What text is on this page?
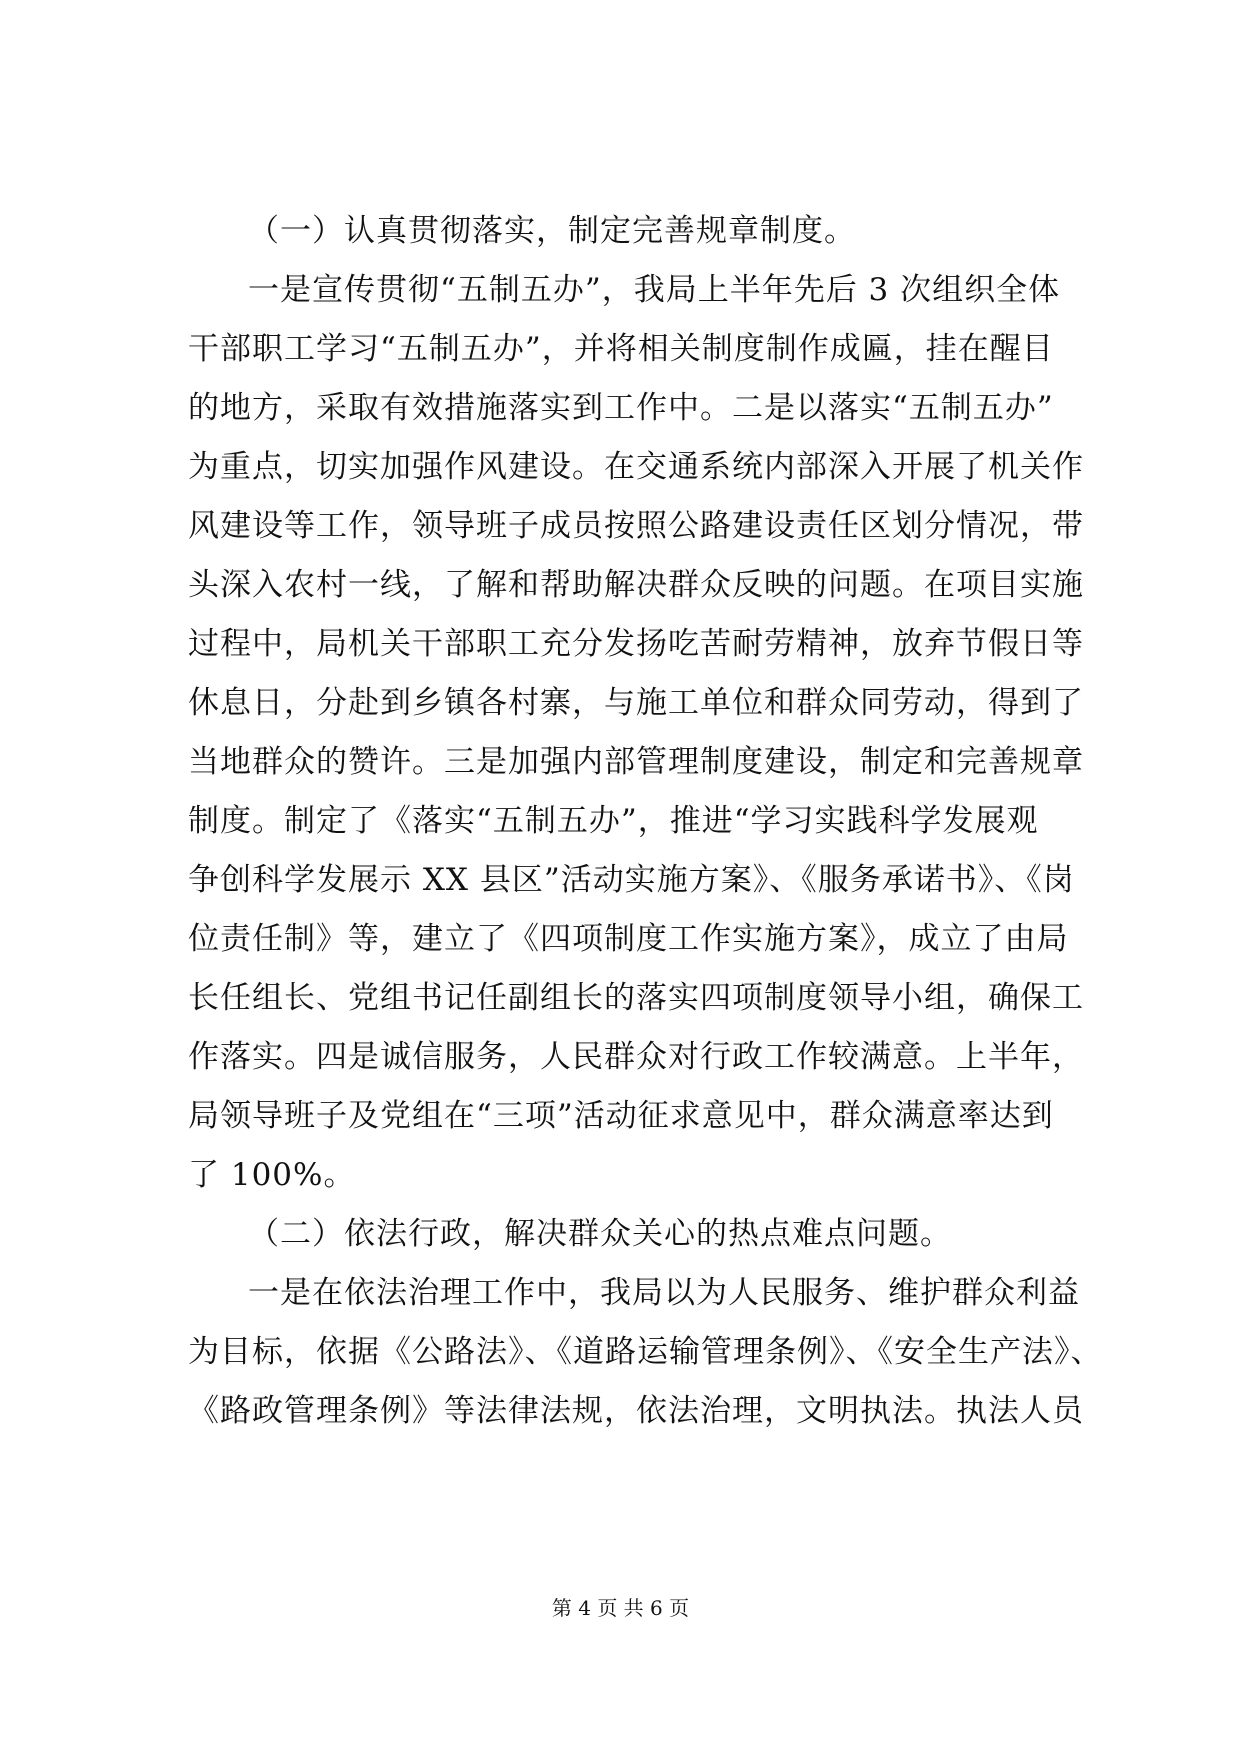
（一）认真贯彻落实，制定完善规章制度。
一是宣传贯彻“五制五办”，我局上半年先后 3 次组织全体
干部职工学习“五制五办”，并将相关制度制作成匾，挂在醒目
的地方，采取有效措施落实到工作中。二是以落实“五制五办”
为重点，切实加强作风建设。在交通系统内部深入开展了机关作
风建设等工作，领导班子成员按照公路建设责任区划分情况，带
头深入农村一线，了解和帮助解决群众反映的问题。在项目实施
过程中，局机关干部职工充分发扬吃苦耐劳精神，放弃节假日等
休息日，分赴到乡镇各村寨，与施工单位和群众同劳动，得到了
当地群众的赞许。三是加强内部管理制度建设，制定和完善规章
制度。制定了《落实“五制五办”，推进“学习实践科学发展观
争创科学发展示 XX 县区”活动实施方案》、《服务承诺书》、《岗
位责任制》等，建立了《四项制度工作实施方案》，成立了由局
长任组长、党组书记任副组长的落实四项制度领导小组，确保工
作落实。四是诚信服务，人民群众对行政工作较满意。上半年，
局领导班子及党组在“三项”活动征求意见中，群众满意率达到
了 100%。
（二）依法行政，解决群众关心的热点难点问题。
一是在依法治理工作中，我局以为人民服务、维护群众利益
为目标，依据《公路法》、《道路运输管理条例》、《安全生产法》、
《路政管理条例》等法律法规，依法治理，文明执法。执法人员
第 4 页 共 6 页
